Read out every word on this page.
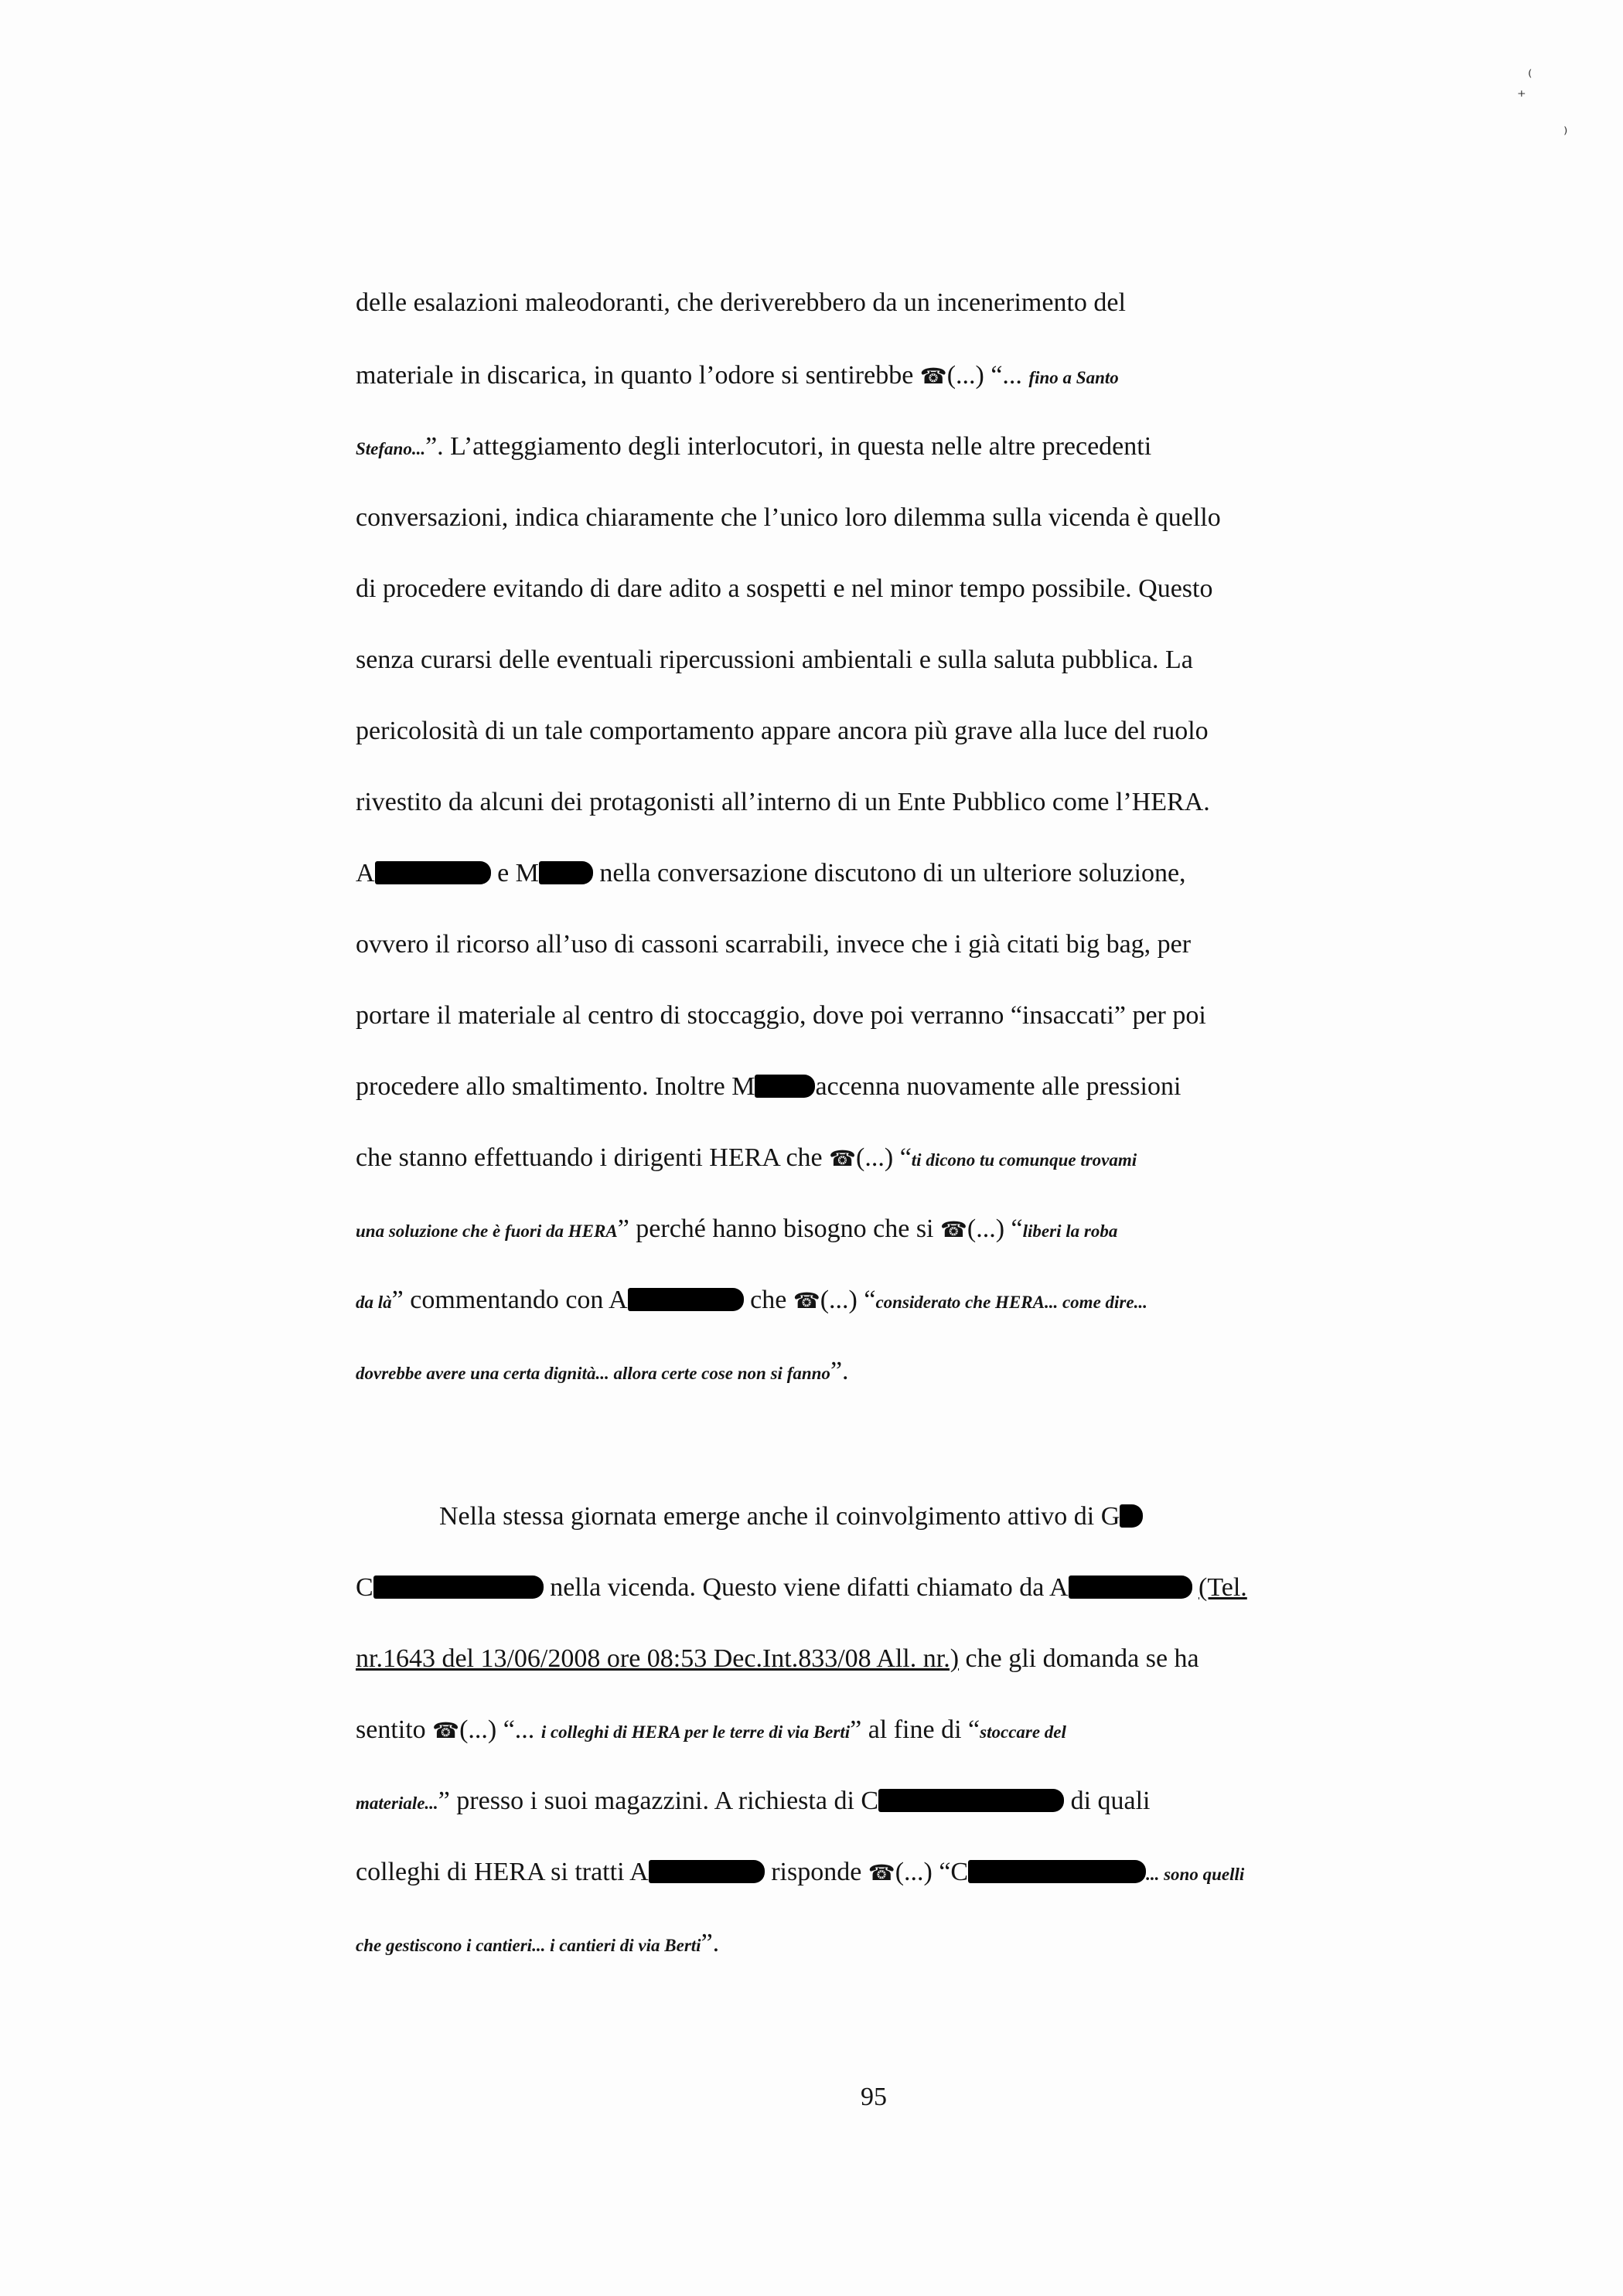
⁽
⁺
⁾
delle esalazioni maleodoranti, che deriverebbero da un incenerimento del
materiale in discarica, in quanto l’odore si sentirebbe ☎(...) “... fino a Santo
Stefano...”. L’atteggiamento degli interlocutori, in questa nelle altre precedenti
conversazioni, indica chiaramente che l’unico loro dilemma sulla vicenda è quello
di procedere evitando di dare adito a sospetti e nel minor tempo possibile. Questo
senza curarsi delle eventuali ripercussioni ambientali e sulla saluta pubblica. La
pericolosità di un tale comportamento appare ancora più grave alla luce del ruolo
rivestito da alcuni dei protagonisti all’interno di un Ente Pubblico come l’HERA.
A	e M nella conversazione discutono di un ulteriore soluzione,
ovvero il ricorso all’uso di cassoni scarrabili, invece che i già citati big bag, per
portare il materiale al centro di stoccaggio, dove poi verranno “insaccati” per poi
procedere allo smaltimento. Inoltre M accenna nuovamente alle pressioni
che stanno effettuando i dirigenti HERA che ☎(...) “ti dicono tu comunque trovami
una soluzione che è fuori da HERA” perché hanno bisogno che si ☎(...) “liberi la roba
da là” commentando con A	che ☎(...) “considerato che HERA... come dire...
dovrebbe avere una certa dignità... allora certe cose non si fanno”.
Nella stessa giornata emerge anche il coinvolgimento attivo di G
C	nella vicenda. Questo viene difatti chiamato da A	(Tel.
nr.1643 del 13/06/2008 ore 08:53 Dec.Int.833/08 All. nr.) che gli domanda se ha
sentito ☎(...) “... i colleghi di HERA per le terre di via Berti” al fine di “stoccare del
materiale...” presso i suoi magazzini. A richiesta di C	di quali
colleghi di HERA si tratti A	risponde ☎(...) “C	... sono quelli
che gestiscono i cantieri... i cantieri di via Berti”.
95
